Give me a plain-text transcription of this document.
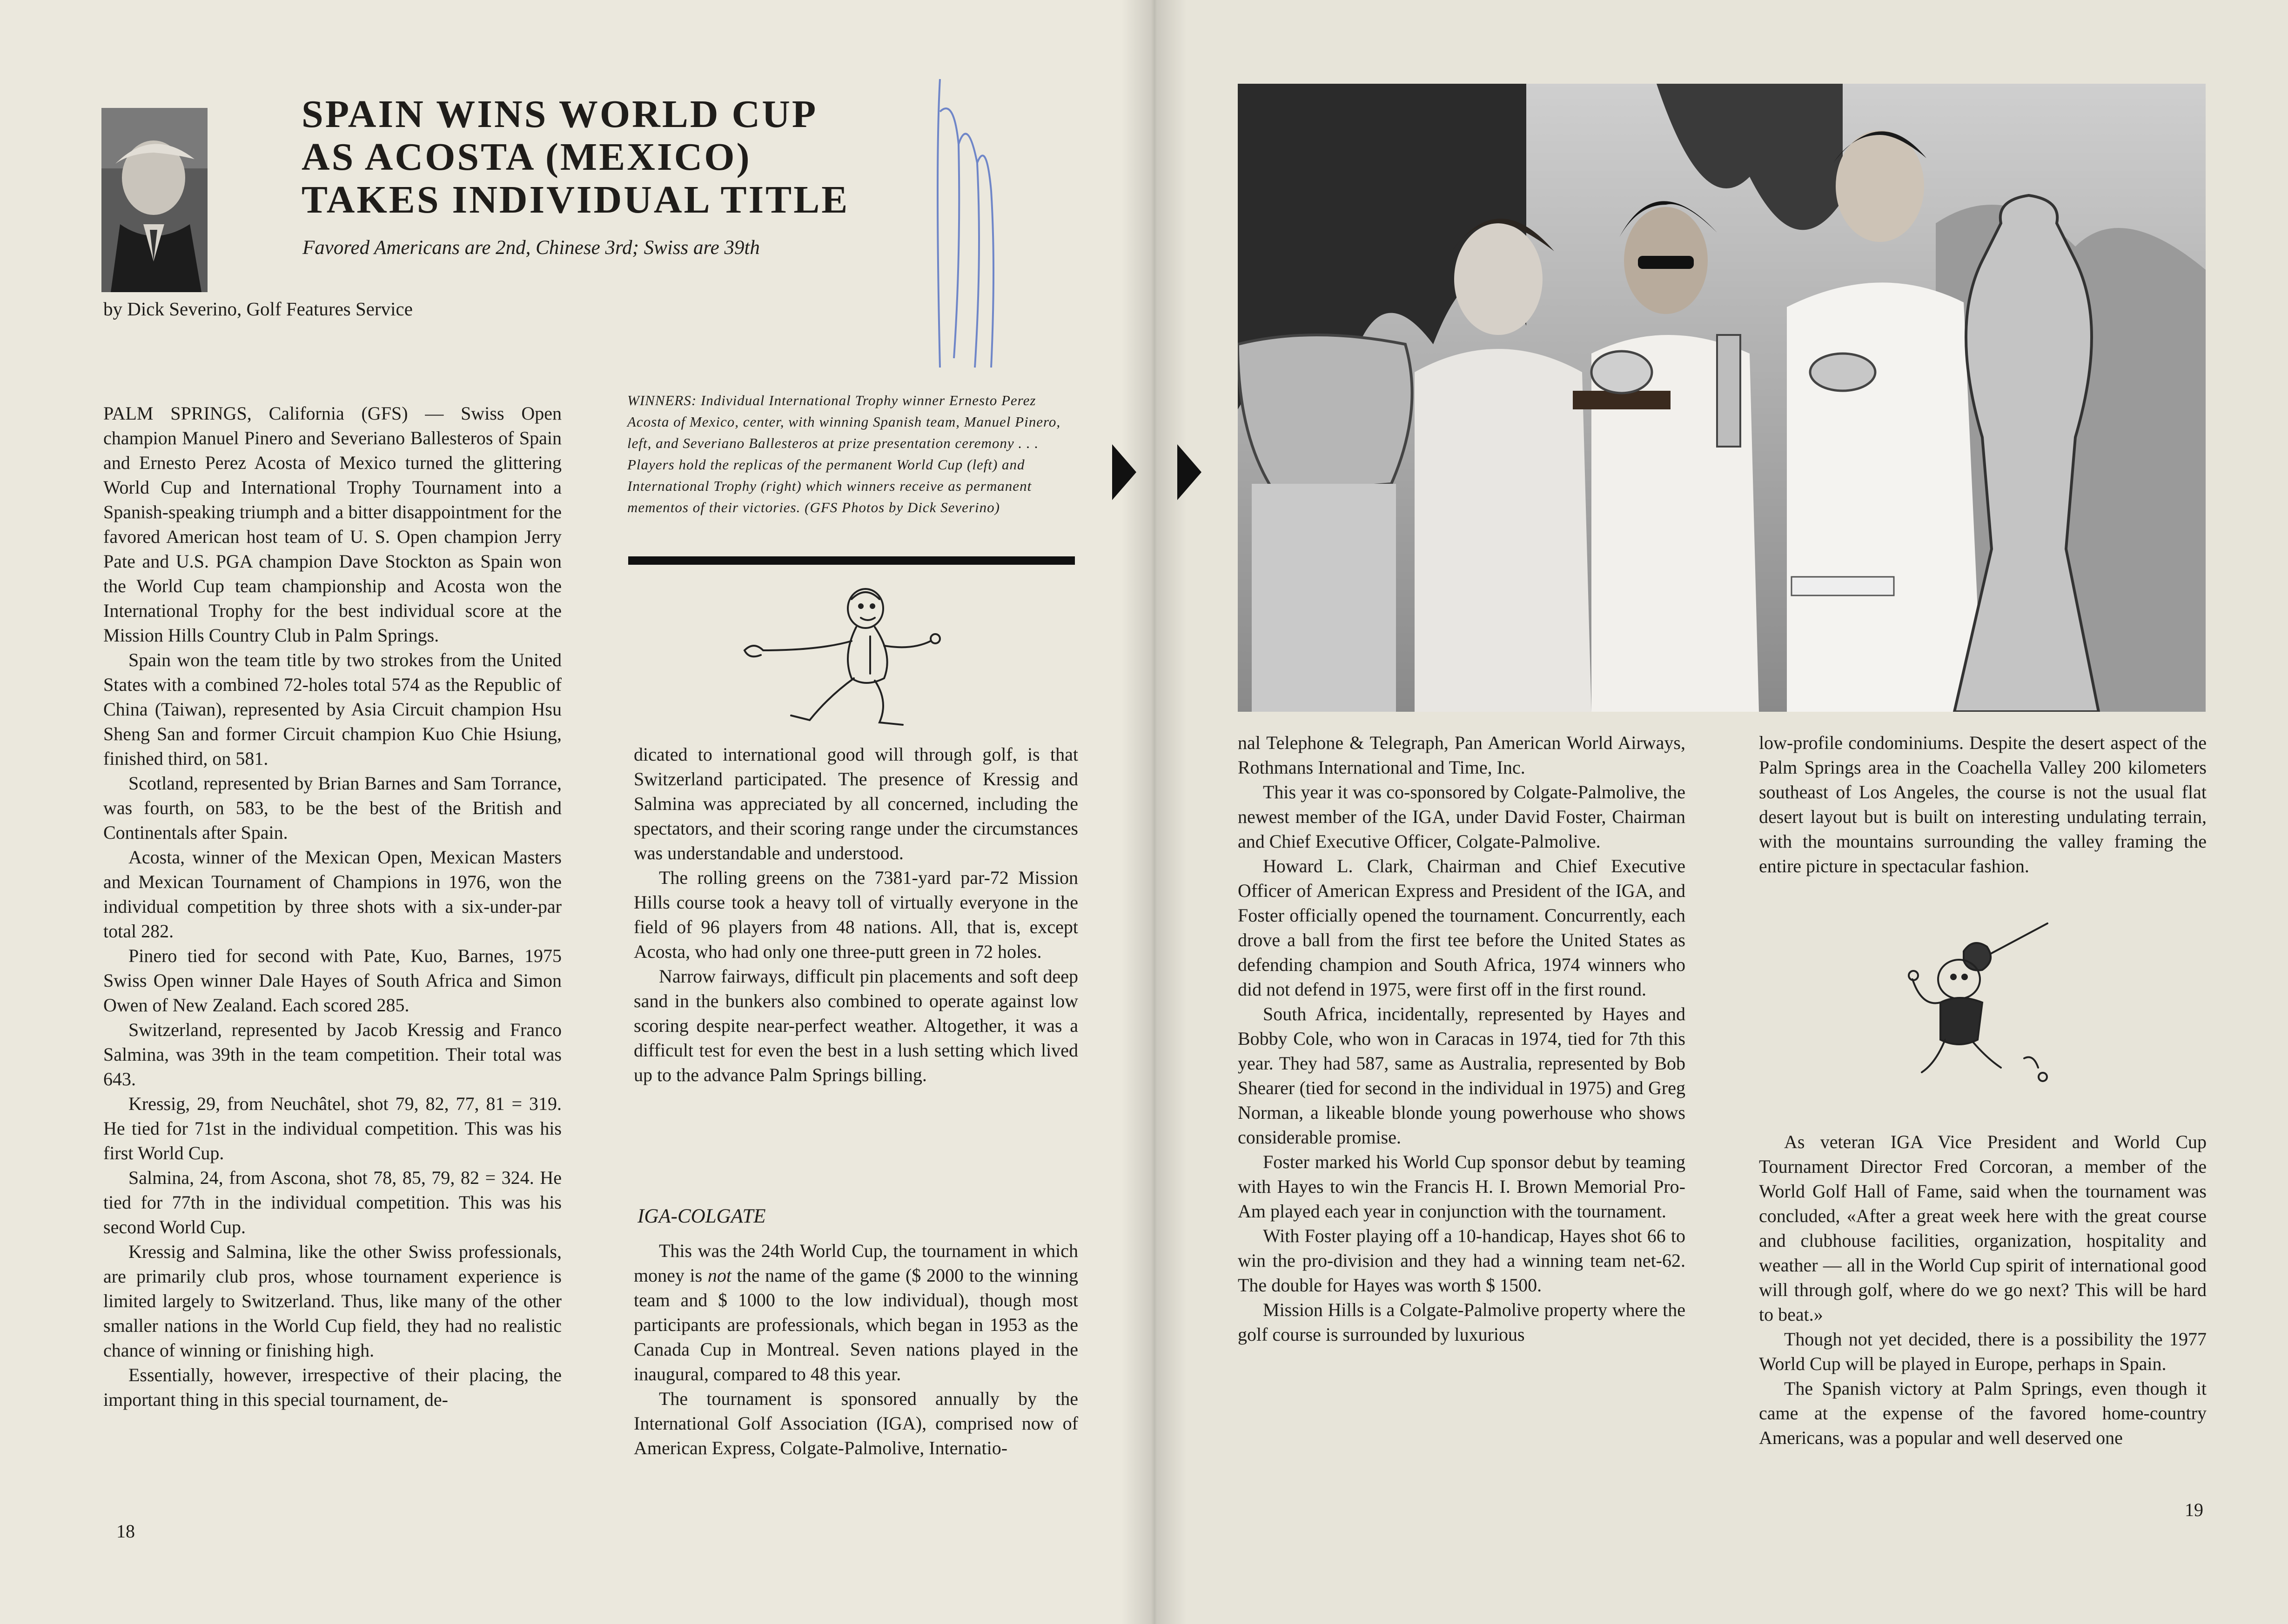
SPAIN WINS WORLD CUP
AS ACOSTA (MEXICO)
TAKES INDIVIDUAL TITLE
Favored Americans are 2nd, Chinese 3rd; Swiss are 39th
by Dick Severino, Golf Features Service

PALM SPRINGS, California (GFS) — Swiss Open champion Manuel Pinero and Severiano Ballesteros of Spain and Ernesto Perez Acosta of Mexico turned the glittering World Cup and International Trophy Tournament into a Spanish-speaking triumph and a bitter disappointment for the favored American host team of U. S. Open champion Jerry Pate and U.S. PGA champion Dave Stockton as Spain won the World Cup team championship and Acosta won the International Trophy for the best individual score at the Mission Hills Country Club in Palm Springs.

Spain won the team title by two strokes from the United States with a combined 72-holes total 574 as the Republic of China (Taiwan), represented by Asia Circuit champion Hsu Sheng San and former Circuit champion Kuo Chie Hsiung, finished third, on 581.

Scotland, represented by Brian Barnes and Sam Torrance, was fourth, on 583, to be the best of the British and Continentals after Spain.

Acosta, winner of the Mexican Open, Mexican Masters and Mexican Tournament of Champions in 1976, won the individual competition by three shots with a six-under-par total 282.

Pinero tied for second with Pate, Kuo, Barnes, 1975 Swiss Open winner Dale Hayes of South Africa and Simon Owen of New Zealand. Each scored 285.

Switzerland, represented by Jacob Kressig and Franco Salmina, was 39th in the team competition. Their total was 643.

Kressig, 29, from Neuchâtel, shot 79, 82, 77, 81 = 319. He tied for 71st in the individual competition. This was his first World Cup.

Salmina, 24, from Ascona, shot 78, 85, 79, 82 = 324. He tied for 77th in the individual competition. This was his second World Cup.

Kressig and Salmina, like the other Swiss professionals, are primarily club pros, whose tournament experience is limited largely to Switzerland. Thus, like many of the other smaller nations in the World Cup field, they had no realistic chance of winning or finishing high.

Essentially, however, irrespective of their placing, the important thing in this special tournament, de-

WINNERS: Individual International Trophy winner Ernesto Perez Acosta of Mexico, center, with winning Spanish team, Manuel Pinero, left, and Severiano Ballesteros at prize presentation ceremony . . . Players hold the replicas of the permanent World Cup (left) and International Trophy (right) which winners receive as permanent mementos of their victories. (GFS Photos by Dick Severino)

dicated to international good will through golf, is that Switzerland participated. The presence of Kressig and Salmina was appreciated by all concerned, including the spectators, and their scoring range under the circumstances was understandable and understood.

The rolling greens on the 7381-yard par-72 Mission Hills course took a heavy toll of virtually everyone in the field of 96 players from 48 nations. All, that is, except Acosta, who had only one three-putt green in 72 holes.

Narrow fairways, difficult pin placements and soft deep sand in the bunkers also combined to operate against low scoring despite near-perfect weather. Altogether, it was a difficult test for even the best in a lush setting which lived up to the advance Palm Springs billing.

IGA-COLGATE

This was the 24th World Cup, the tournament in which money is not the name of the game ($ 2000 to the winning team and $ 1000 to the low individual), though most participants are professionals, which began in 1953 as the Canada Cup in Montreal. Seven nations played in the inaugural, compared to 48 this year.

The tournament is sponsored annually by the International Golf Association (IGA), comprised now of American Express, Colgate-Palmolive, Internatio-

18
19

nal Telephone & Telegraph, Pan American World Airways, Rothmans International and Time, Inc.

This year it was co-sponsored by Colgate-Palmolive, the newest member of the IGA, under David Foster, Chairman and Chief Executive Officer, Colgate-Palmolive.

Howard L. Clark, Chairman and Chief Executive Officer of American Express and President of the IGA, and Foster officially opened the tournament. Concurrently, each drove a ball from the first tee before the United States as defending champion and South Africa, 1974 winners who did not defend in 1975, were first off in the first round.

South Africa, incidentally, represented by Hayes and Bobby Cole, who won in Caracas in 1974, tied for 7th this year. They had 587, same as Australia, represented by Bob Shearer (tied for second in the individual in 1975) and Greg Norman, a likeable blonde young powerhouse who shows considerable promise.

Foster marked his World Cup sponsor debut by teaming with Hayes to win the Francis H. I. Brown Memorial Pro-Am played each year in conjunction with the tournament.

With Foster playing off a 10-handicap, Hayes shot 66 to win the pro-division and they had a winning team net-62. The double for Hayes was worth $ 1500.

Mission Hills is a Colgate-Palmolive property where the golf course is surrounded by luxurious

low-profile condominiums. Despite the desert aspect of the Palm Springs area in the Coachella Valley 200 kilometers southeast of Los Angeles, the course is not the usual flat desert layout but is built on interesting undulating terrain, with the mountains surrounding the valley framing the entire picture in spectacular fashion.

As veteran IGA Vice President and World Cup Tournament Director Fred Corcoran, a member of the World Golf Hall of Fame, said when the tournament was concluded, «After a great week here with the great course and clubhouse facilities, organization, hospitality and weather — all in the World Cup spirit of international good will through golf, where do we go next? This will be hard to beat.»

Though not yet decided, there is a possibility the 1977 World Cup will be played in Europe, perhaps in Spain.

The Spanish victory at Palm Springs, even though it came at the expense of the favored home-country Americans, was a popular and well deserved one
